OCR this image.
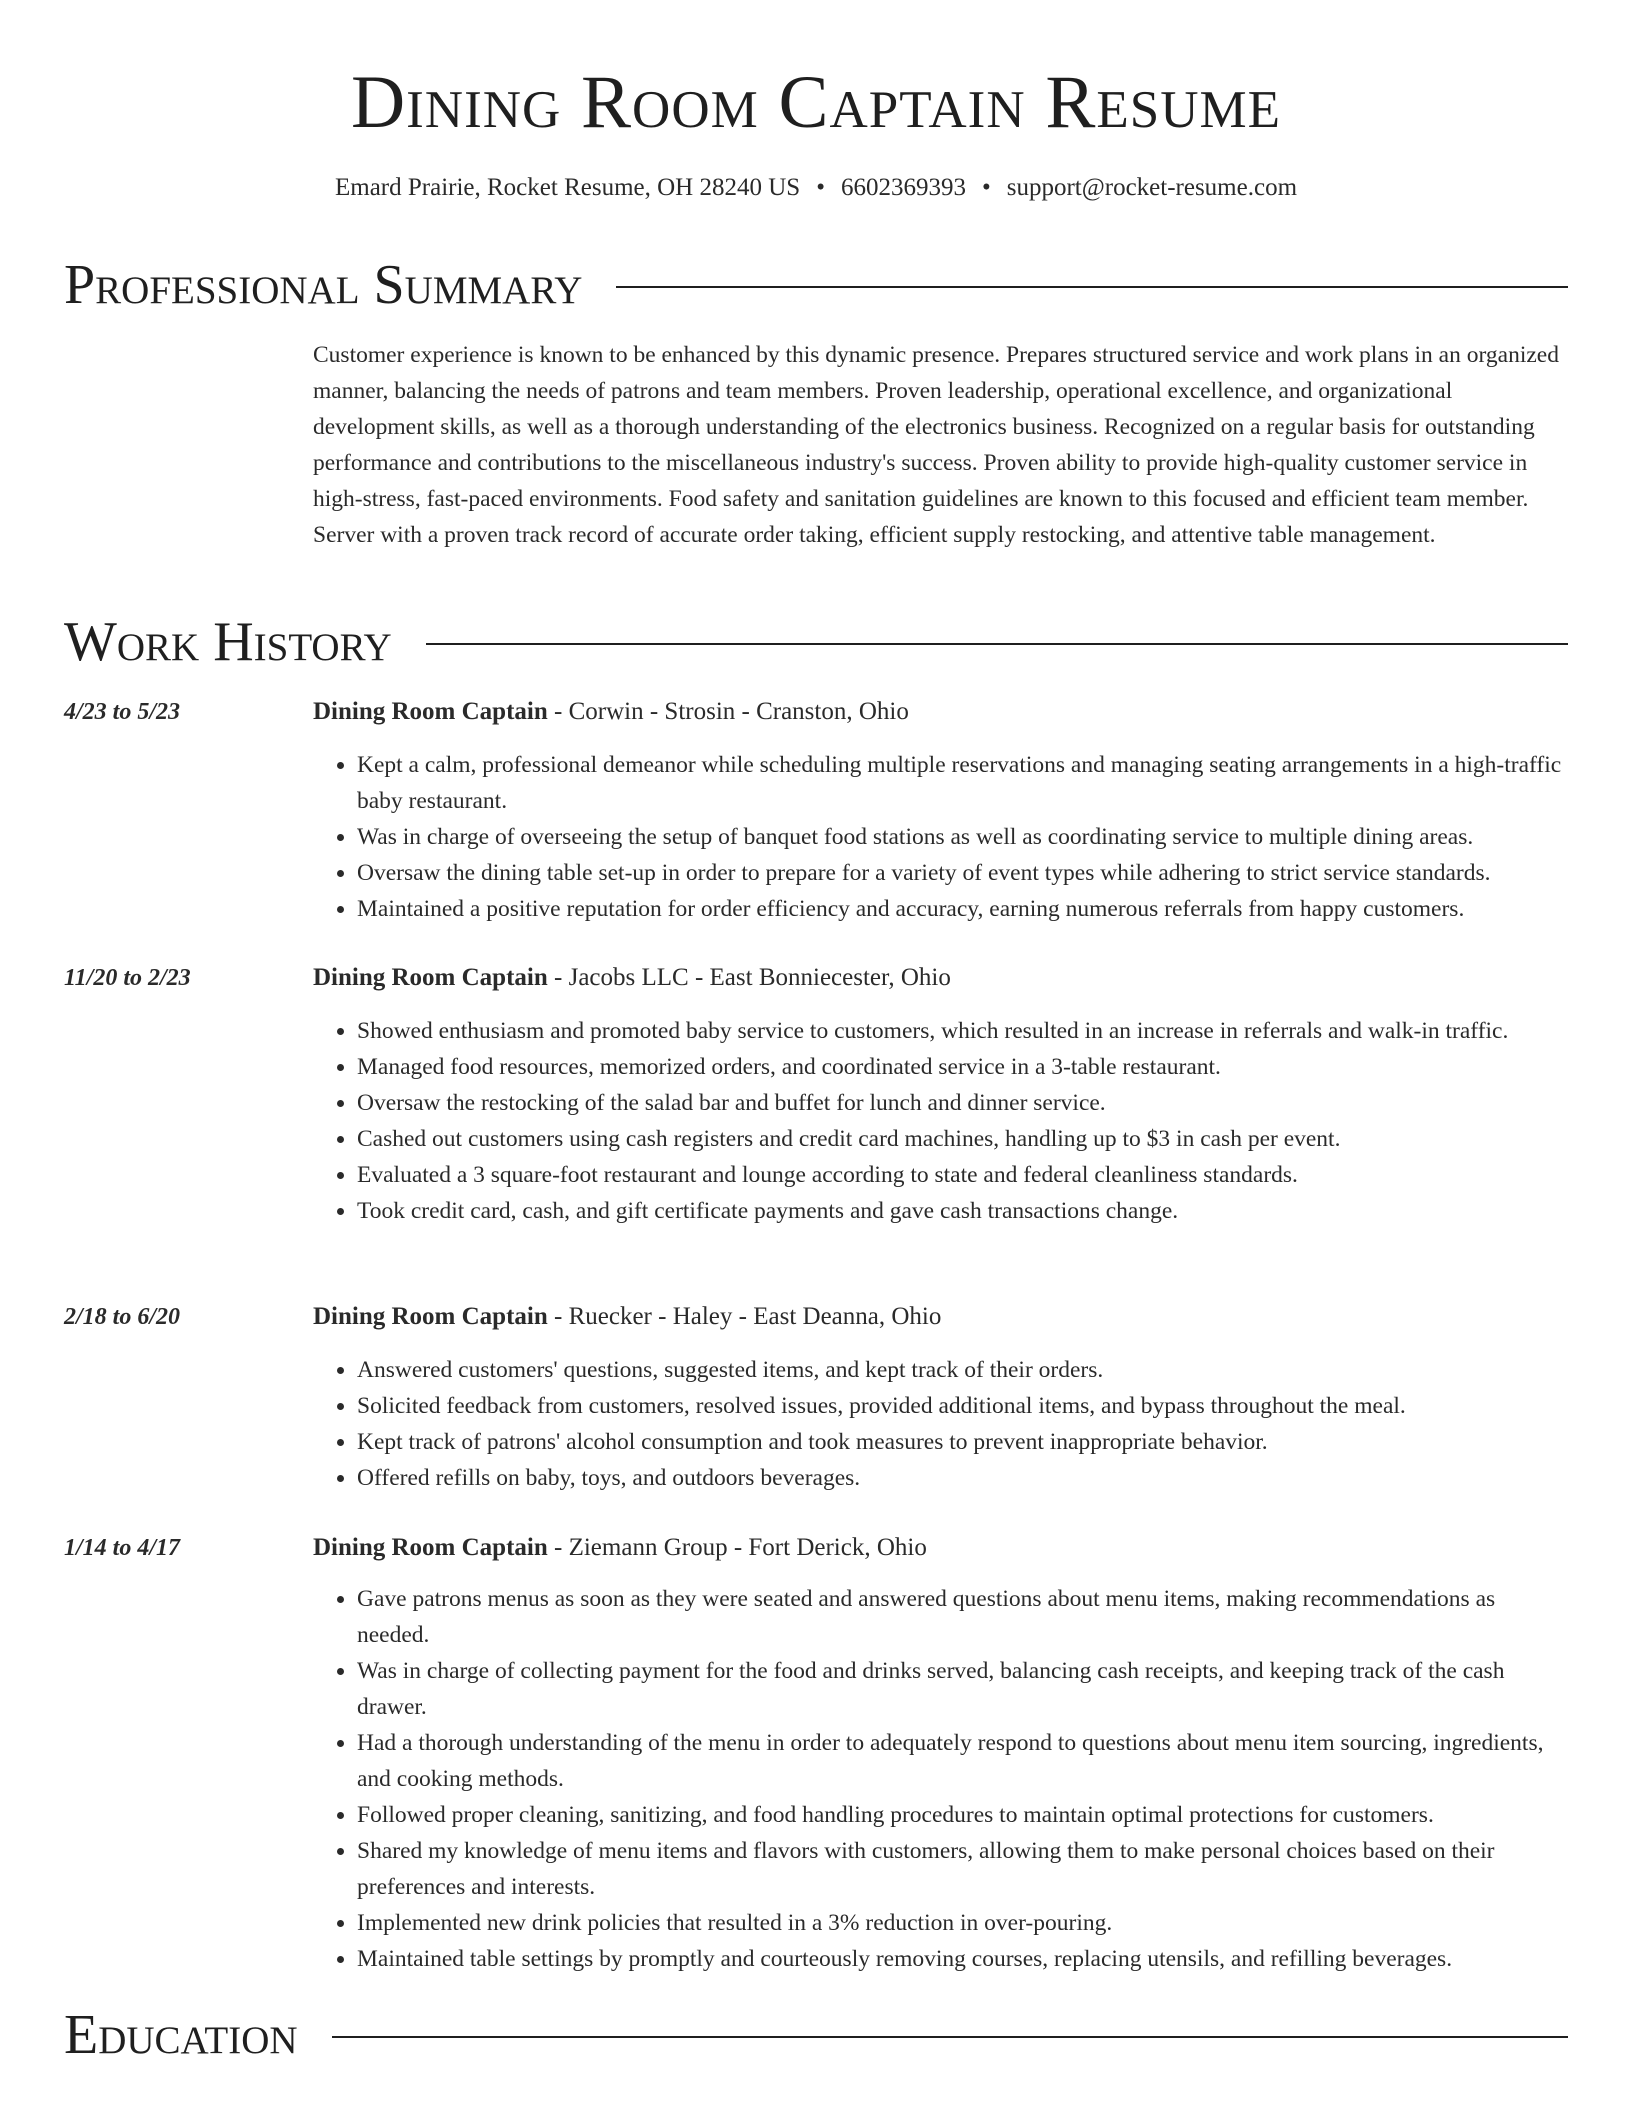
Dining Room Captain Resume
Emard Prairie, Rocket Resume, OH 28240 US • 6602369393 • support@rocket-resume.com
Professional Summary

Customer experience is known to be enhanced by this dynamic presence. Prepares structured service and work plans in an organized manner, balancing the needs of patrons and team members. Proven leadership, operational excellence, and organizational development skills, as well as a thorough understanding of the electronics business. Recognized on a regular basis for outstanding performance and contributions to the miscellaneous industry's success. Proven ability to provide high-quality customer service in high-stress, fast-paced environments. Food safety and sanitation guidelines are known to this focused and efficient team member. Server with a proven track record of accurate order taking, efficient supply restocking, and attentive table management.

Work History
4/23 to 5/23	Dining Room Captain - Corwin - Strosin - Cranston, Ohio
• Kept a calm, professional demeanor while scheduling multiple reservations and managing seating arrangements in a high-traffic baby restaurant.
• Was in charge of overseeing the setup of banquet food stations as well as coordinating service to multiple dining areas.
• Oversaw the dining table set-up in order to prepare for a variety of event types while adhering to strict service standards.
• Maintained a positive reputation for order efficiency and accuracy, earning numerous referrals from happy customers.
11/20 to 2/23	Dining Room Captain - Jacobs LLC - East Bonniecester, Ohio
• Showed enthusiasm and promoted baby service to customers, which resulted in an increase in referrals and walk-in traffic.
• Managed food resources, memorized orders, and coordinated service in a 3-table restaurant.
• Oversaw the restocking of the salad bar and buffet for lunch and dinner service.
• Cashed out customers using cash registers and credit card machines, handling up to $3 in cash per event.
• Evaluated a 3 square-foot restaurant and lounge according to state and federal cleanliness standards.
• Took credit card, cash, and gift certificate payments and gave cash transactions change.
2/18 to 6/20	Dining Room Captain - Ruecker - Haley - East Deanna, Ohio
• Answered customers' questions, suggested items, and kept track of their orders.
• Solicited feedback from customers, resolved issues, provided additional items, and bypass throughout the meal.
• Kept track of patrons' alcohol consumption and took measures to prevent inappropriate behavior.
• Offered refills on baby, toys, and outdoors beverages.
1/14 to 4/17	Dining Room Captain - Ziemann Group - Fort Derick, Ohio
• Gave patrons menus as soon as they were seated and answered questions about menu items, making recommendations as needed.
• Was in charge of collecting payment for the food and drinks served, balancing cash receipts, and keeping track of the cash drawer.
• Had a thorough understanding of the menu in order to adequately respond to questions about menu item sourcing, ingredients, and cooking methods.
• Followed proper cleaning, sanitizing, and food handling procedures to maintain optimal protections for customers.
• Shared my knowledge of menu items and flavors with customers, allowing them to make personal choices based on their preferences and interests.
• Implemented new drink policies that resulted in a 3% reduction in over-pouring.
• Maintained table settings by promptly and courteously removing courses, replacing utensils, and refilling beverages.
Education
